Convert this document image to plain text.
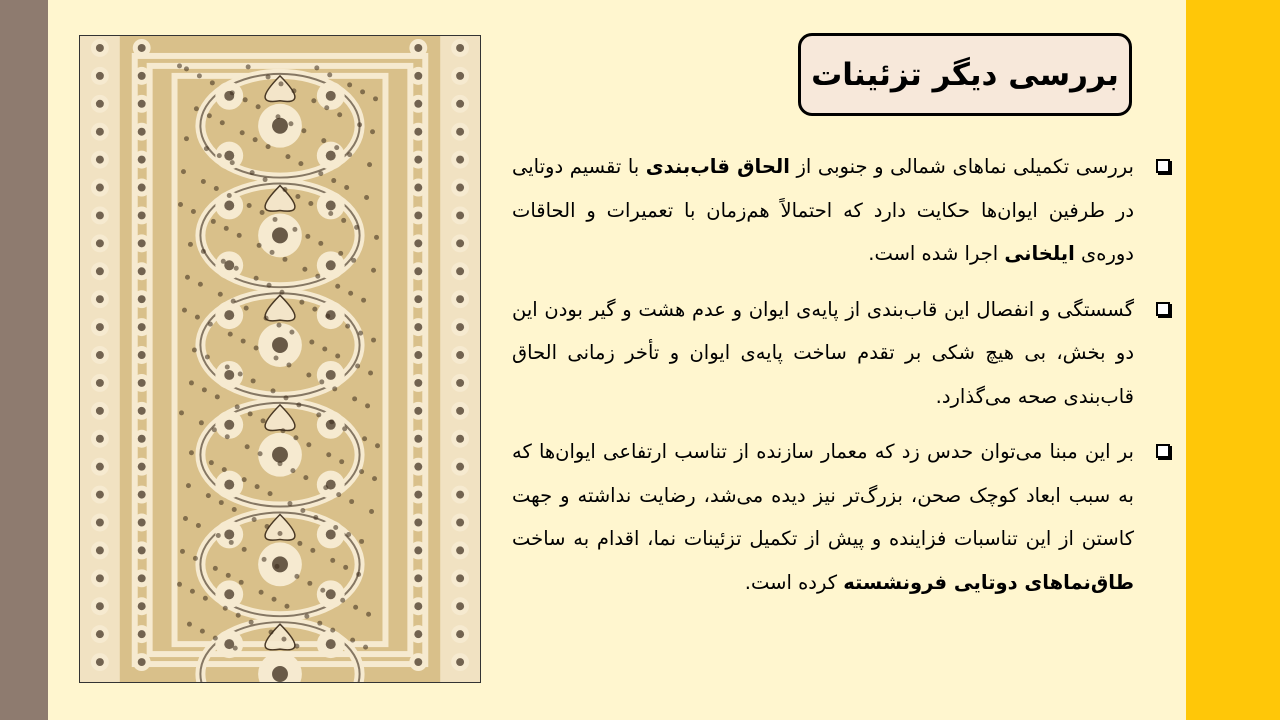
بررسی دیگر تزئینات
بررسی تکمیلی نماهای شمالی و جنوبی از الحاق قاب‌بندی با تقسیم دوتایی در طرفین ایوان‌ها حکایت دارد که احتمالاً هم‌زمان با تعمیرات و الحاقات دوره‌ی ایلخانی اجرا شده است.
گسستگی و انفصال این قاب‌بندی از پایه‌ی ایوان و عدم هشت و گیر بودن این دو بخش، بی هیچ شکی بر تقدم ساخت پایه‌ی ایوان و تأخر زمانی الحاق قاب‌بندی صحه می‌گذارد.
بر این مبنا می‌توان حدس زد که معمار سازنده از تناسب ارتفاعی ایوان‌ها که به سبب ابعاد کوچک صحن، بزرگ‌تر نیز دیده می‌شد، رضایت نداشته و جهت کاستن از این تناسبات فزاینده و پیش از تکمیل تزئینات نما، اقدام به ساخت طاق‌نماهای دوتایی فرونشسته کرده است.
